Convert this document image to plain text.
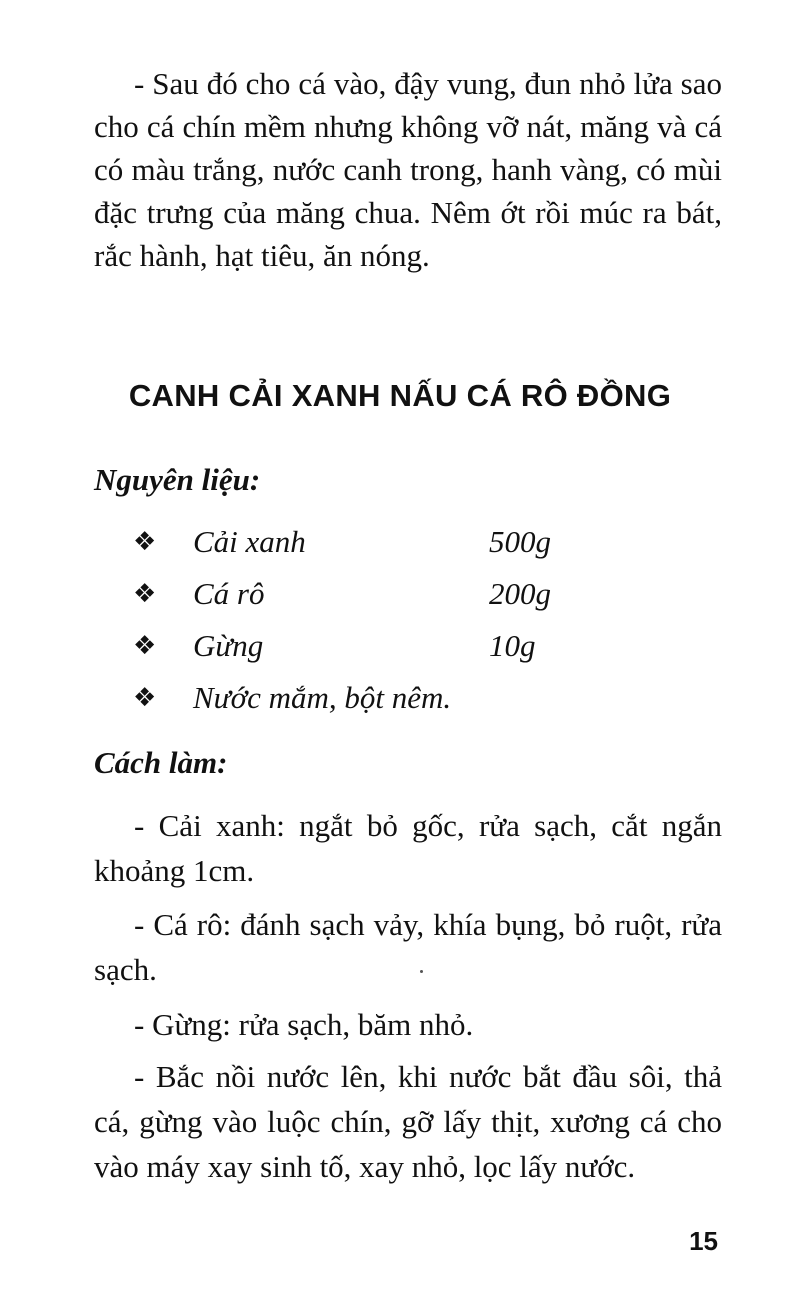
- Sau đó cho cá vào, đậy vung, đun nhỏ lửa sao cho cá chín mềm nhưng không vỡ nát, măng và cá có màu trắng, nước canh trong, hanh vàng, có mùi đặc trưng của măng chua. Nêm ớt rồi múc ra bát, rắc hành, hạt tiêu, ăn nóng.

CANH CẢI XANH NẤU CÁ RÔ ĐỒNG
Nguyên liệu:
❖ Cải xanh	500g
❖ Cá rô	200g
❖ Gừng	10g
❖ Nước mắm, bột nêm.
Cách làm:

- Cải xanh: ngắt bỏ gốc, rửa sạch, cắt ngắn khoảng 1cm.

- Cá rô: đánh sạch vảy, khía bụng, bỏ ruột, rửa sạch.

- Gừng: rửa sạch, băm nhỏ.

- Bắc nồi nước lên, khi nước bắt đầu sôi, thả cá, gừng vào luộc chín, gỡ lấy thịt, xương cá cho vào máy xay sinh tố, xay nhỏ, lọc lấy nước.

15
